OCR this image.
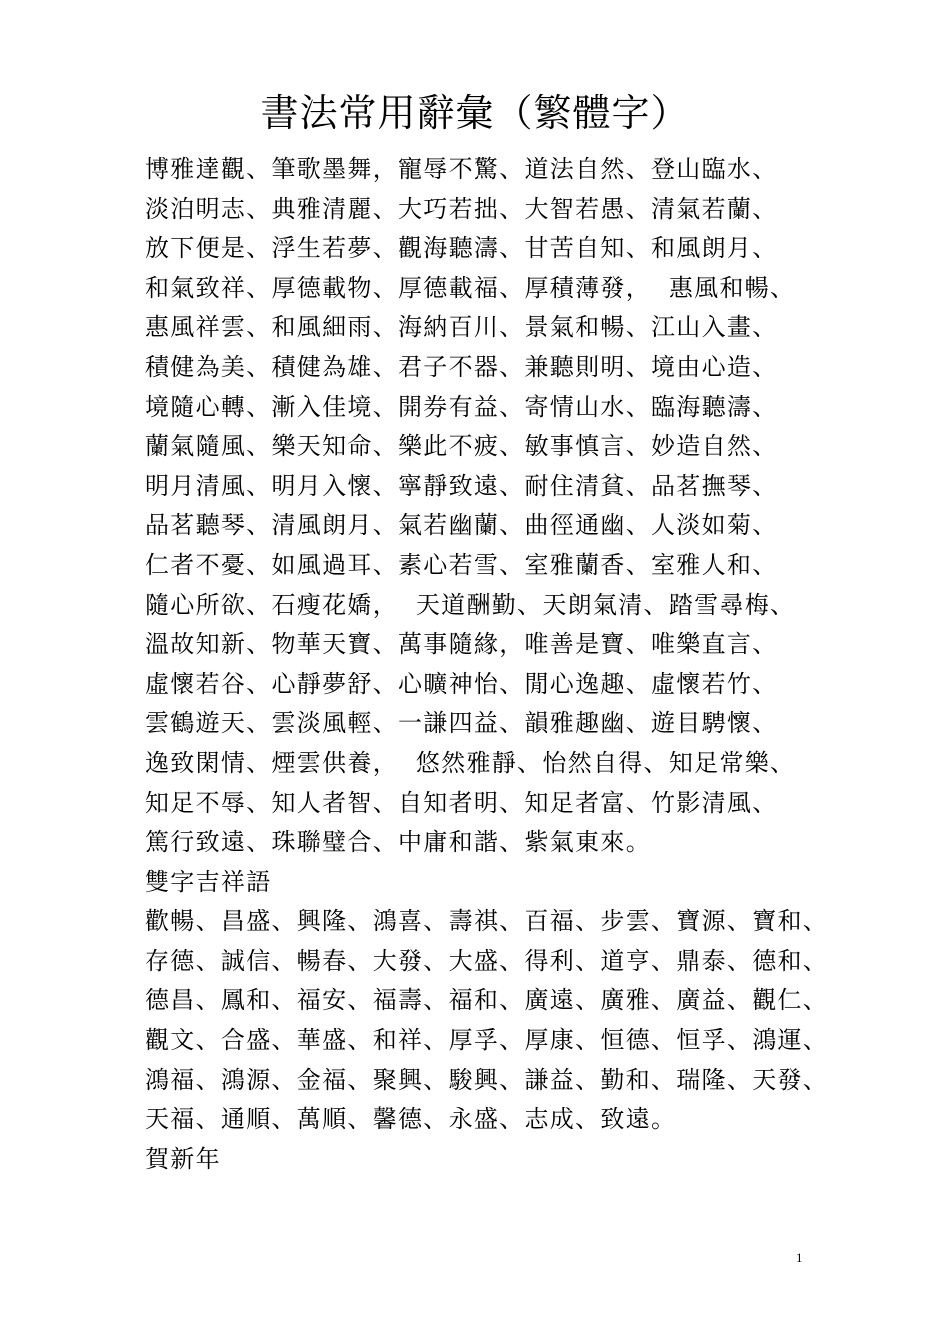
書法常用辭彙（繁體字）
博雅達觀、筆歌墨舞，寵辱不驚、道法自然、登山臨水、
淡泊明志、典雅清麗、大巧若拙、大智若愚、清氣若蘭、
放下便是、浮生若夢、觀海聽濤、甘苦自知、和風朗月、
和氣致祥、厚德載物、厚德載福、厚積薄發，  惠風和暢、
惠風祥雲、和風細雨、海納百川、景氣和暢、江山入畫、
積健為美、積健為雄、君子不器、兼聽則明、境由心造、
境隨心轉、漸入佳境、開券有益、寄情山水、臨海聽濤、
蘭氣隨風、樂天知命、樂此不疲、敏事慎言、妙造自然、
明月清風、明月入懷、寧靜致遠、耐住清貧、品茗撫琴、
品茗聽琴、清風朗月、氣若幽蘭、曲徑通幽、人淡如菊、
仁者不憂、如風過耳、素心若雪、室雅蘭香、室雅人和、
隨心所欲、石瘦花嬌，  天道酬勤、天朗氣清、踏雪尋梅、
溫故知新、物華天寶、萬事隨緣，唯善是寶、唯樂直言、
虛懷若谷、心靜夢舒、心曠神怡、閒心逸趣、虛懷若竹、
雲鶴遊天、雲淡風輕、一謙四益、韻雅趣幽、遊目騁懷、
逸致閑情、煙雲供養，  悠然雅靜、怡然自得、知足常樂、
知足不辱、知人者智、自知者明、知足者富、竹影清風、
篤行致遠、珠聯璧合、中庸和諧、紫氣東來。
雙字吉祥語
歡暢、昌盛、興隆、鴻喜、壽祺、百福、步雲、寶源、寶和、
存德、誠信、暢春、大發、大盛、得利、道亨、鼎泰、德和、
德昌、鳳和、福安、福壽、福和、廣遠、廣雅、廣益、觀仁、
觀文、合盛、華盛、和祥、厚孚、厚康、恒德、恒孚、鴻運、
鴻福、鴻源、金福、聚興、駿興、謙益、勤和、瑞隆、天發、
天福、通順、萬順、馨德、永盛、志成、致遠。
賀新年
1
